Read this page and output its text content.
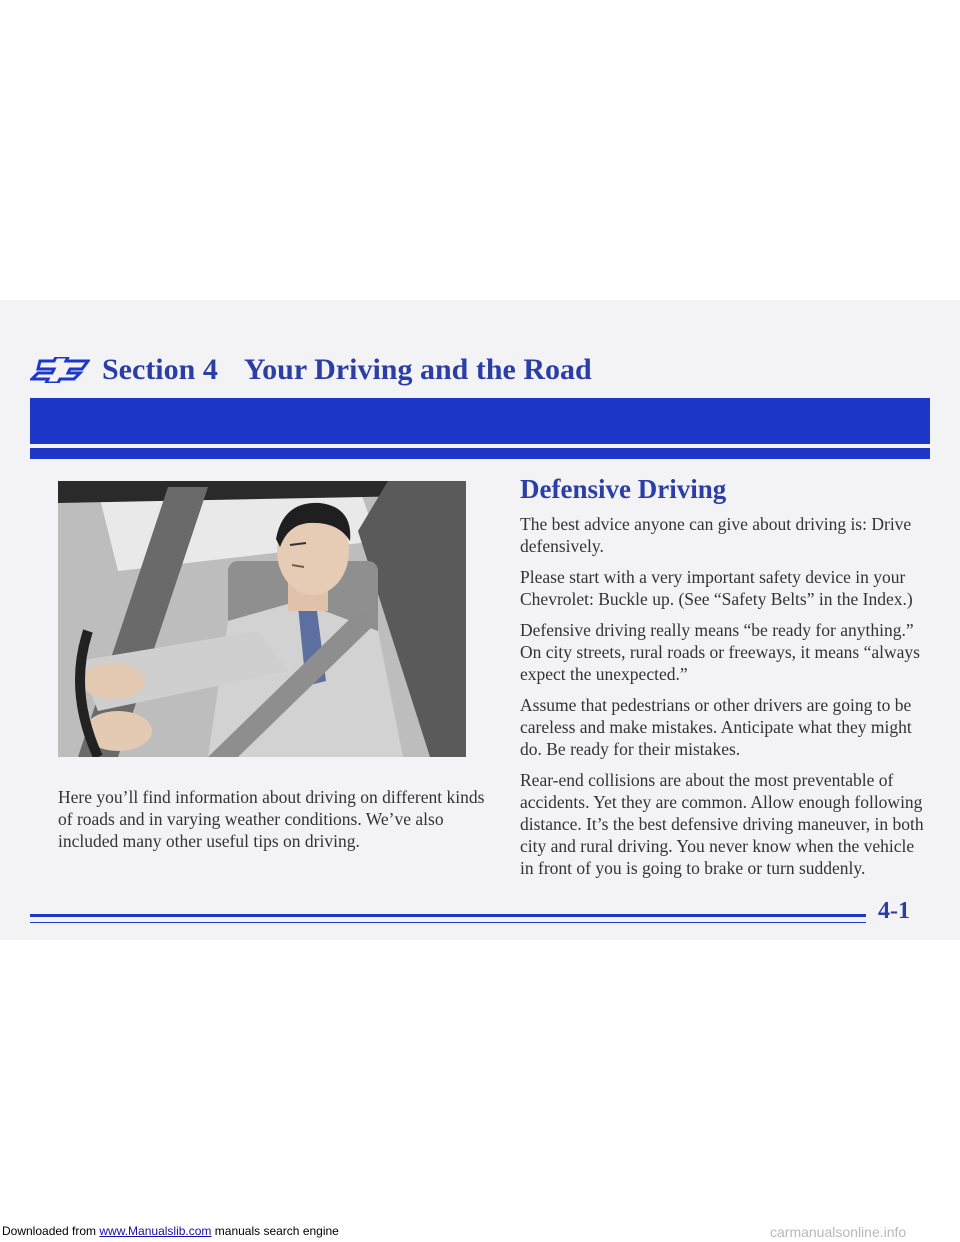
Section 4 Your Driving and the Road
Here you’ll find information about driving on different kinds of roads and in varying weather conditions. We’ve also included many other useful tips on driving.
Defensive Driving

The best advice anyone can give about driving is: Drive defensively.

Please start with a very important safety device in your Chevrolet: Buckle up. (See “Safety Belts” in the Index.)

Defensive driving really means “be ready for anything.” On city streets, rural roads or freeways, it means “always expect the unexpected.”

Assume that pedestrians or other drivers are going to be careless and make mistakes. Anticipate what they might do. Be ready for their mistakes.

Rear-end collisions are about the most preventable of accidents. Yet they are common. Allow enough following distance. It’s the best defensive driving maneuver, in both city and rural driving. You never know when the vehicle in front of you is going to brake or turn suddenly.

4-1
Downloaded from www.Manualslib.com manuals search engine	carmanualsonline.info
